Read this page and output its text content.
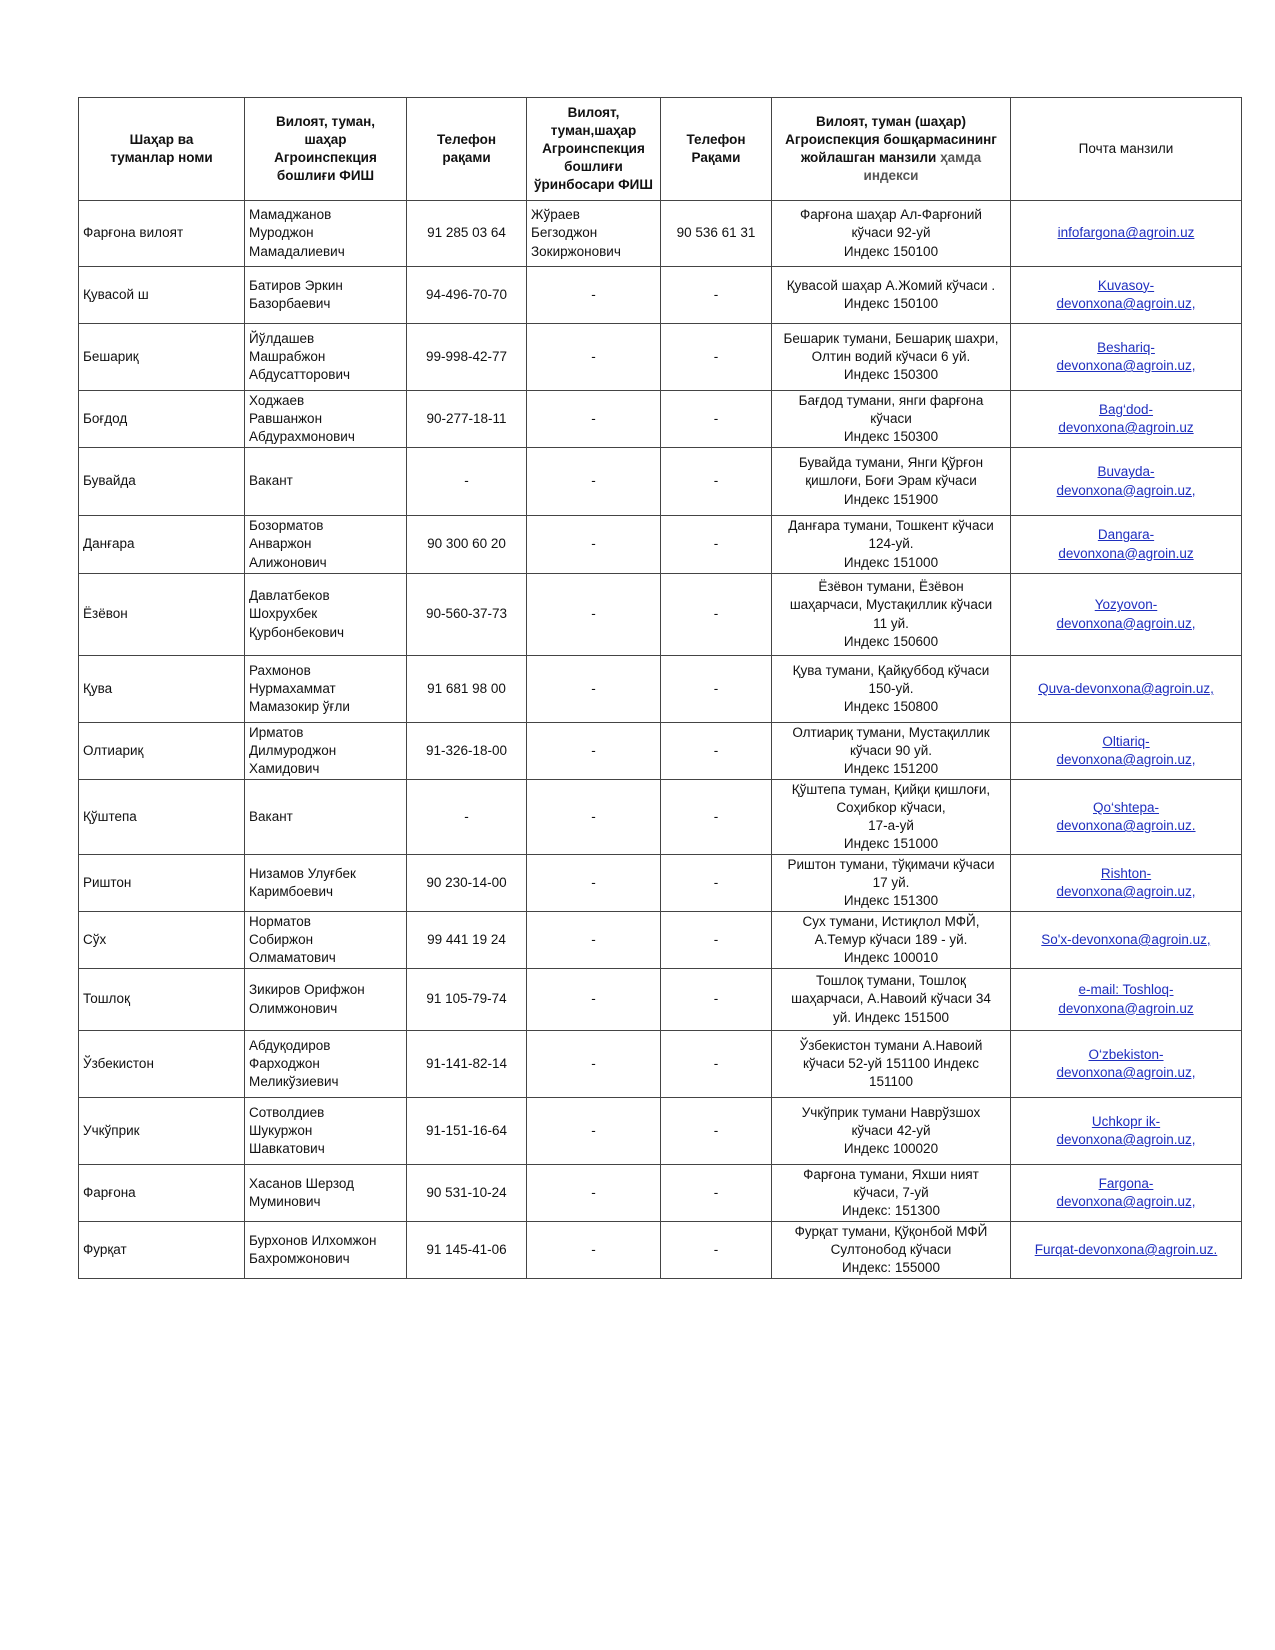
Шаҳар ва
туманлар номи	Вилоят, туман,
шаҳар
Агроинспекция
бошлиғи ФИШ	Телефон
рақами	Вилоят,
туман,шаҳар
Агроинспекция
бошлиғи
ўринбосари ФИШ	Телефон
Рақами	Вилоят, туман (шаҳар)
Агроиспекция бошқармасининг
жойлашган манзили ҳамда
индекси	Почта манзили
Фарғона вилоят	Мамаджанов
Муроджон
Мамадалиевич	91 285 03 64	Жўраев
Бегзоджон
Зокиржонович	90 536 61 31	Фарғона шаҳар Ал-Фарғоний
кўчаси 92-уй
Индекс 150100	infofargona@agroin.uz
Қувасой ш	Батиров Эркин
Базорбаевич	94-496-70-70	-	-	Қувасой шаҳар А.Жомий кўчаси .
Индекс 150100	Kuvasoy-
devonxona@agroin.uz,
Бешариқ	Йўлдашев
Машрабжон
Абдусатторович	99-998-42-77	-	-	Бешарик тумани, Бешариқ шахри,
Олтин водий кўчаси 6 уй.
Индекс 150300	Beshariq-
devonxona@agroin.uz,
Боғдод	Ходжаев
Равшанжон
Абдурахмонович	90-277-18-11	-	-	Бағдод тумани, янги фарғона
кўчаси
Индекс 150300	Bag‘dod-
devonxona@agroin.uz
Бувайда	Вакант	-	-	-	Бувайда тумани, Янги Қўрғон
қишлоғи, Боғи Эрам кўчаси
Индекс 151900	Buvayda-
devonxona@agroin.uz,
Данғара	Бозорматов
Анваржон
Алижонович	90 300 60 20	-	-	Данғара тумани, Тошкент кўчаси
124-уй.
Индекс 151000	Dangara-
devonxona@agroin.uz
Ёзёвон	Давлатбеков
Шохрухбек
Қурбонбекович	90-560-37-73	-	-	Ёзёвон тумани, Ёзёвон
шаҳарчаси, Мустақиллик кўчаси
11 уй.
Индекс 150600	Yozyovon-
devonxona@agroin.uz,
Қува	Рахмонов
Нурмахаммат
Мамазокир ўғли	91 681 98 00	-	-	Қува тумани, Қайқуббод кўчаси
150-уй.
Индекс 150800	Quva-devonxona@agroin.uz,
Олтиариқ	Ирматов
Дилмуроджон
Хамидович	91-326-18-00	-	-	Олтиариқ тумани, Мустақиллик
кўчаси 90 уй.
Индекс 151200	Oltiariq-
devonxona@agroin.uz,
Қўштепа	Вакант	-	-	-	Қўштепа туман, Қийқи қишлоғи,
Соҳибкор кўчаси,
17-а-уй
Индекс 151000	Qo‘shtepa-
devonxona@agroin.uz.
Риштон	Низамов Улуғбек
Каримбоевич	90 230-14-00	-	-	Риштон тумани, тўқимачи кўчаси
17 уй.
Индекс 151300	Rishton-
devonxona@agroin.uz,
Сўх	Норматов
Собиржон
Олмаматович	99 441 19 24	-	-	Сух тумани, Истиқлол МФЙ,
А.Темур кўчаси 189 - уй.
Индекс 100010	So'x-devonxona@agroin.uz,
Тошлоқ	Зикиров Орифжон
Олимжонович	91 105-79-74	-	-	Тошлоқ тумани, Тошлоқ
шаҳарчаси, А.Навоий кўчаси 34
уй. Индекс 151500	e-mail: Toshloq-
devonxona@agroin.uz
Ўзбекистон	Абдуқодиров
Фарходжон
Меликўзиевич	91-141-82-14	-	-	Ўзбекистон тумани А.Навоий
кўчаси 52-уй 151100 Индекс
151100	O‘zbekiston-
devonxona@agroin.uz,
Учкўприк	Сотволдиев
Шукуржон
Шавкатович	91-151-16-64	-	-	Учкўприк тумани Наврўзшох
кўчаси 42-уй
Индекс 100020	Uchkopr ik-
devonxona@agroin.uz,
Фарғона	Хасанов Шерзод
Муминович	90 531-10-24	-	-	Фарғона тумани, Яхши ният
кўчаси, 7-уй
Индекс: 151300	Fargona-
devonxona@agroin.uz,
Фурқат	Бурхонов Илхомжон
Бахромжонович	91 145-41-06	-	-	Фурқат тумани, Қўқонбой МФЙ
Султонобод кўчаси
Индекс: 155000	Furqat-devonxona@agroin.uz.
